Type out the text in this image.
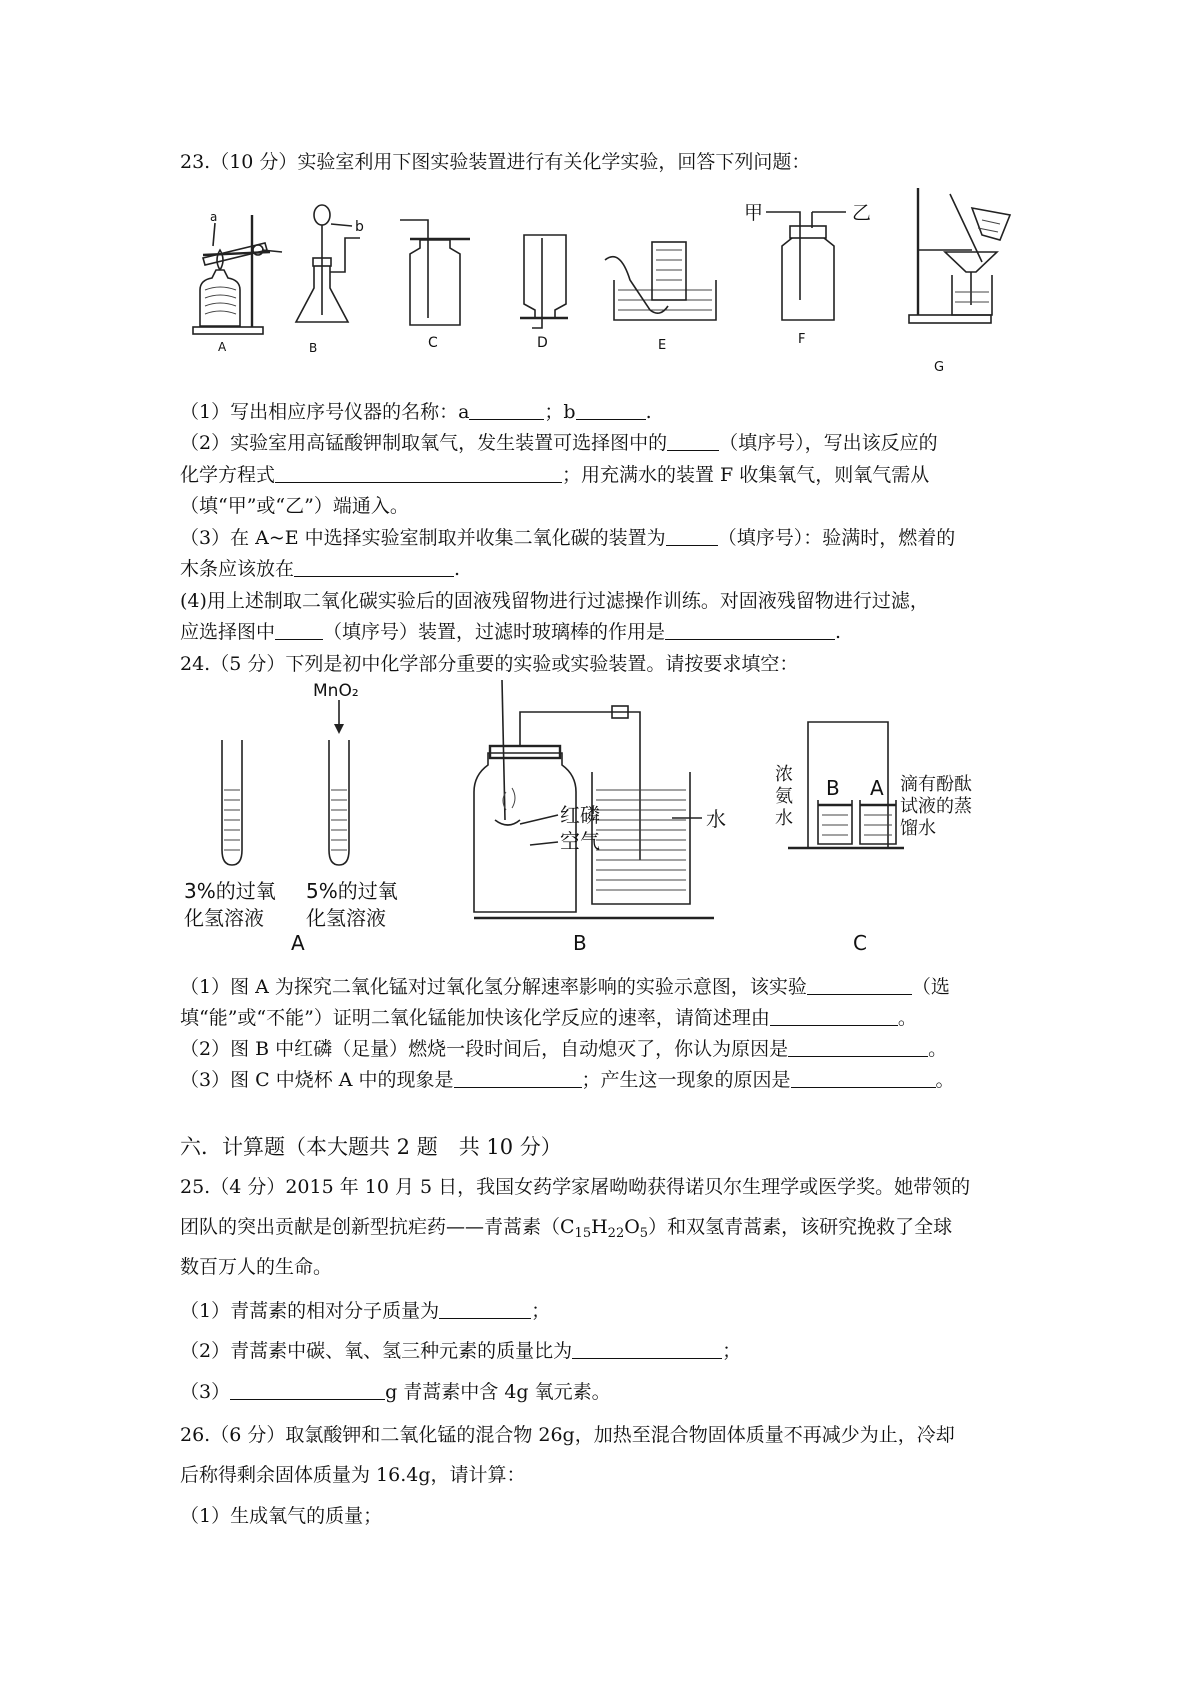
23.（10 分）实验室利用下图实验装置进行有关化学实验，回答下列问题：
a
A
b
B	C	D	E
甲	乙
F
G
（1）写出相应序号仪器的名称：a	；b	.
（2）实验室用高锰酸钾制取氧气，发生装置可选择图中的	（填序号），写出该反应的
化学方程式	；用充满水的装置 F 收集氧气，则氧气需从
（填“甲”或“乙”）端通入。
（3）在 A~E 中选择实验室制取并收集二氧化碳的装置为	（填序号）：验满时，燃着的
木条应该放在	.
(4)用上述制取二氧化碳实验后的固液残留物进行过滤操作训练。对固液残留物进行过滤，
应选择图中	（填序号）装置，过滤时玻璃棒的作用是	.
24.（5 分）下列是初中化学部分重要的实验或实验装置。请按要求填空：
3%的过氧
化氢溶液
MnO₂
5%的过氧
化氢溶液
A
红磷
空气
水
B
B A
浓
氨
水
滴有酚酞
试液的蒸
馏水
C
（1）图 A 为探究二氧化锰对过氧化氢分解速率影响的实验示意图，该实验	（选
填“能”或“不能”）证明二氧化锰能加快该化学反应的速率，请简述理由	。
（2）图 B 中红磷（足量）燃烧一段时间后，自动熄灭了，你认为原因是	。
（3）图 C 中烧杯 A 中的现象是	；产生这一现象的原因是	。
六．计算题（本大题共 2 题　共 10 分）
25.（4 分）2015 年 10 月 5 日，我国女药学家屠呦呦获得诺贝尔生理学或医学奖。她带领的
团队的突出贡献是创新型抗疟药——青蒿素$(C_{15}H_{22}O_5)$和双氢青蒿素，该研究挽救了全球
数百万人的生命。
（1）青蒿素的相对分子质量为	；
（2）青蒿素中碳、氧、氢三种元素的质量比为	；
（3）	g 青蒿素中含 4g 氧元素。
26.（6 分）取氯酸钾和二氧化锰的混合物 26g，加热至混合物固体质量不再减少为止，冷却
后称得剩余固体质量为 16.4g，请计算：
（1）生成氧气的质量；
